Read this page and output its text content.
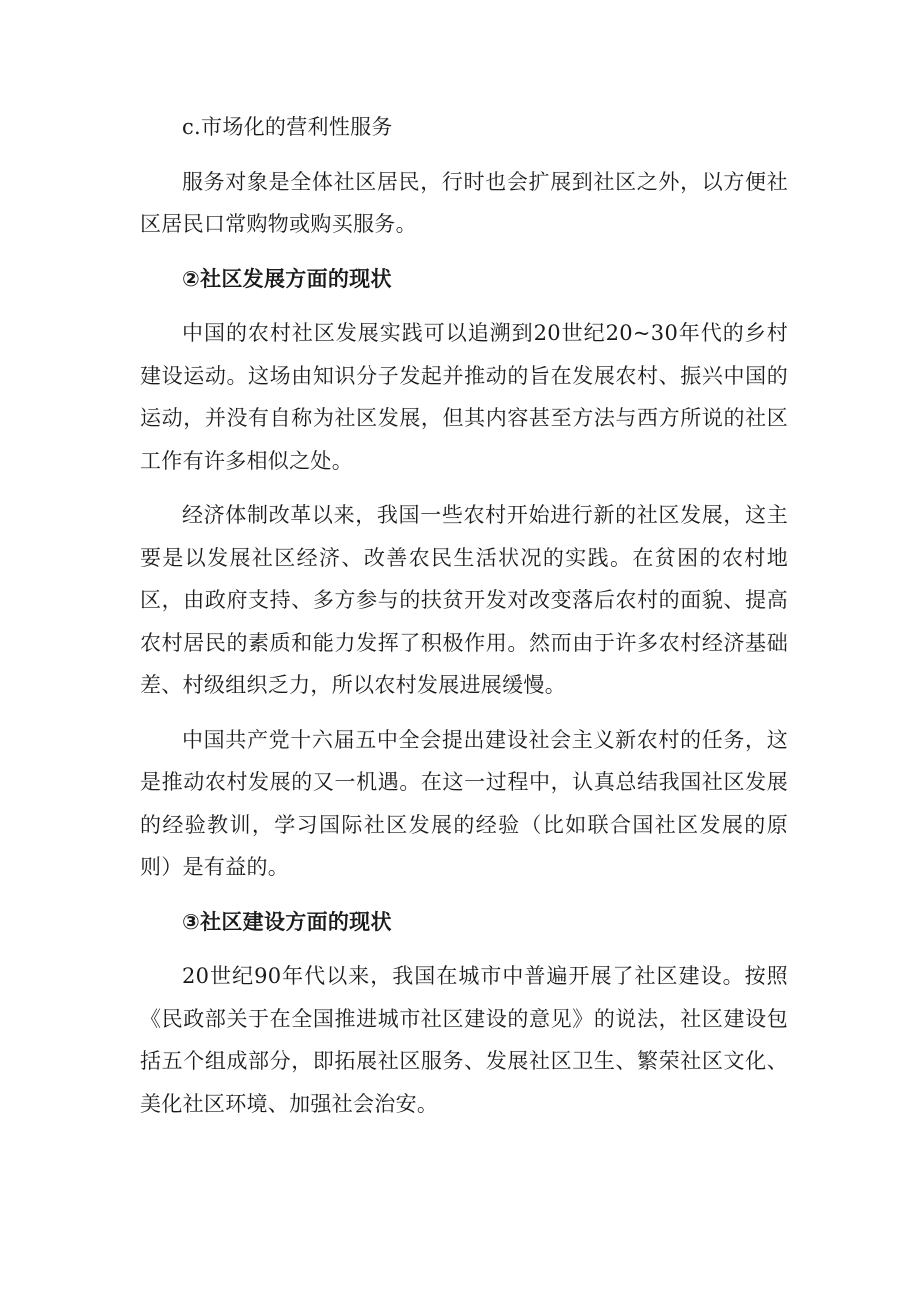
c.市场化的营利性服务

服务对象是全体社区居民，行时也会扩展到社区之外，以方便社区居民口常购物或购买服务。

②社区发展方面的现状

中国的农村社区发展实践可以追溯到20世纪20~30年代的乡村建设运动。这场由知识分子发起并推动的旨在发展农村、振兴中国的运动，并没有自称为社区发展，但其内容甚至方法与西方所说的社区工作有许多相似之处。

经济体制改革以来，我国一些农村开始进行新的社区发展，这主要是以发展社区经济、改善农民生活状况的实践。在贫困的农村地区，由政府支持、多方参与的扶贫开发对改变落后农村的面貌、提高农村居民的素质和能力发挥了积极作用。然而由于许多农村经济基础差、村级组织乏力，所以农村发展进展缓慢。

中国共产党十六届五中全会提出建设社会主义新农村的任务，这是推动农村发展的又一机遇。在这一过程中，认真总结我国社区发展的经验教训，学习国际社区发展的经验（比如联合国社区发展的原则）是有益的。

③社区建设方面的现状

20世纪90年代以来，我国在城市中普遍开展了社区建设。按照《民政部关于在全国推进城市社区建设的意见》的说法，社区建设包括五个组成部分，即拓展社区服务、发展社区卫生、繁荣社区文化、美化社区环境、加强社会治安。
